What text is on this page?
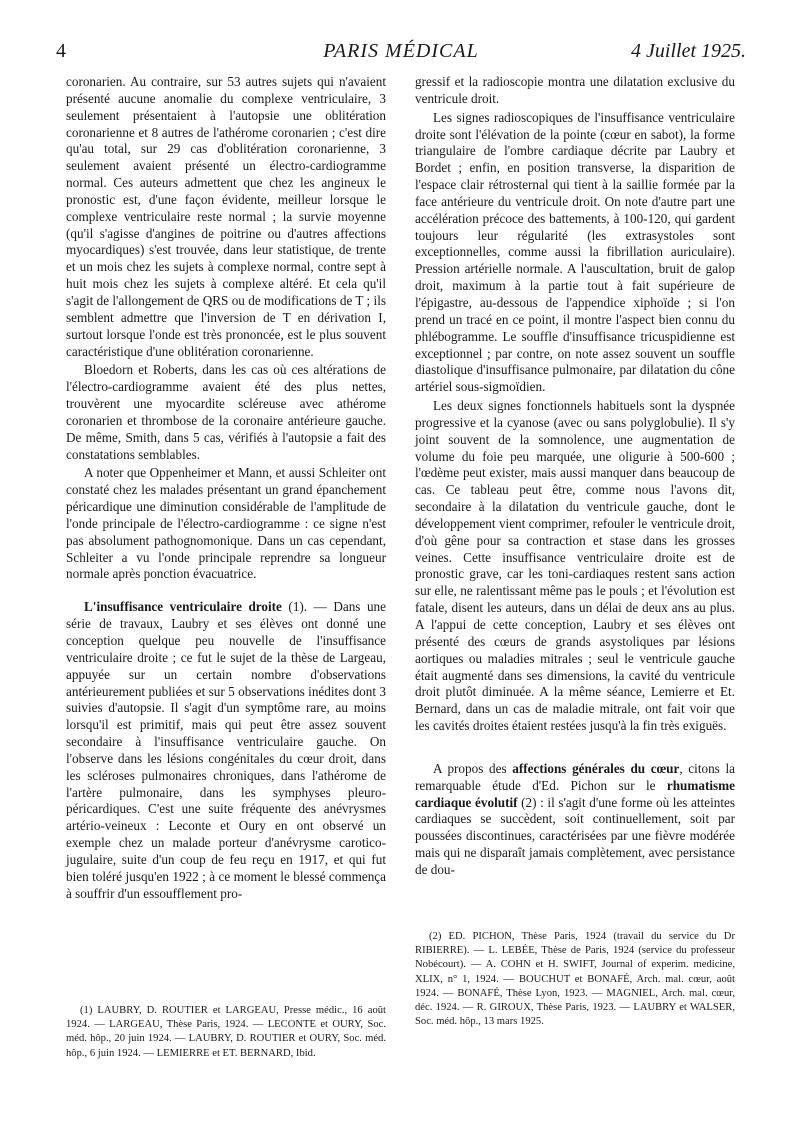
4	PARIS MÉDICAL	4 Juillet 1925.

coronarien. Au contraire, sur 53 autres sujets qui n'avaient présenté aucune anomalie du complexe ventriculaire, 3 seulement présentaient à l'autopsie une oblitération coronarienne et 8 autres de l'athérome coronarien ; c'est dire qu'au total, sur 29 cas d'oblitération coronarienne, 3 seulement avaient présenté un électro-cardiogramme normal. Ces auteurs admettent que chez les angineux le pronostic est, d'une façon évidente, meilleur lorsque le complexe ventriculaire reste normal ; la survie moyenne (qu'il s'agisse d'angines de poitrine ou d'autres affections myocardiques) s'est trouvée, dans leur statistique, de trente et un mois chez les sujets à complexe normal, contre sept à huit mois chez les sujets à complexe altéré. Et cela qu'il s'agit de l'allongement de QRS ou de modifications de T ; ils semblent admettre que l'inversion de T en dérivation I, surtout lorsque l'onde est très prononcée, est le plus souvent caractéristique d'une oblitération coronarienne.

Bloedorn et Roberts, dans les cas où ces altérations de l'électro-cardiogramme avaient été des plus nettes, trouvèrent une myocardite scléreuse avec athérome coronarien et thrombose de la coronaire antérieure gauche. De même, Smith, dans 5 cas, vérifiés à l'autopsie a fait des constatations semblables.

A noter que Oppenheimer et Mann, et aussi Schleiter ont constaté chez les malades présentant un grand épanchement péricardique une diminution considérable de l'amplitude de l'onde principale de l'électro-cardiogramme : ce signe n'est pas absolument pathognomonique. Dans un cas cependant, Schleiter a vu l'onde principale reprendre sa longueur normale après ponction évacuatrice.

L'insuffisance ventriculaire droite (1). — Dans une série de travaux, Laubry et ses élèves ont donné une conception quelque peu nouvelle de l'insuffisance ventriculaire droite ; ce fut le sujet de la thèse de Largeau, appuyée sur un certain nombre d'observations antérieurement publiées et sur 5 observations inédites dont 3 suivies d'autopsie. Il s'agit d'un symptôme rare, au moins lorsqu'il est primitif, mais qui peut être assez souvent secondaire à l'insuffisance ventriculaire gauche. On l'observe dans les lésions congénitales du cœur droit, dans les scléroses pulmonaires chroniques, dans l'athérome de l'artère pulmonaire, dans les symphyses pleuro-péricardiques. C'est une suite fréquente des anévrysmes artério-veineux : Leconte et Oury en ont observé un exemple chez un malade porteur d'anévrysme carotico-jugulaire, suite d'un coup de feu reçu en 1917, et qui fut bien toléré jusqu'en 1922 ; à ce moment le blessé commença à souffrir d'un essoufflement pro-

gressif et la radioscopie montra une dilatation exclusive du ventricule droit.

Les signes radioscopiques de l'insuffisance ventriculaire droite sont l'élévation de la pointe (cœur en sabot), la forme triangulaire de l'ombre cardiaque décrite par Laubry et Bordet ; enfin, en position transverse, la disparition de l'espace clair rétrosternal qui tient à la saillie formée par la face antérieure du ventricule droit. On note d'autre part une accélération précoce des battements, à 100-120, qui gardent toujours leur régularité (les extrasystoles sont exceptionnelles, comme aussi la fibrillation auriculaire). Pression artérielle normale. A l'auscultation, bruit de galop droit, maximum à la partie tout à fait supérieure de l'épigastre, au-dessous de l'appendice xiphoïde ; si l'on prend un tracé en ce point, il montre l'aspect bien connu du phlébogramme. Le souffle d'insuffisance tricuspidienne est exceptionnel ; par contre, on note assez souvent un souffle diastolique d'insuffisance pulmonaire, par dilatation du cône artériel sous-sigmoïdien.

Les deux signes fonctionnels habituels sont la dyspnée progressive et la cyanose (avec ou sans polyglobulie). Il s'y joint souvent de la somnolence, une augmentation de volume du foie peu marquée, une oligurie à 500-600 ; l'œdème peut exister, mais aussi manquer dans beaucoup de cas. Ce tableau peut être, comme nous l'avons dit, secondaire à la dilatation du ventricule gauche, dont le développement vient comprimer, refouler le ventricule droit, d'où gêne pour sa contraction et stase dans les grosses veines. Cette insuffisance ventriculaire droite est de pronostic grave, car les toni-cardiaques restent sans action sur elle, ne ralentissant même pas le pouls ; et l'évolution est fatale, disent les auteurs, dans un délai de deux ans au plus. A l'appui de cette conception, Laubry et ses élèves ont présenté des cœurs de grands asystoliques par lésions aortiques ou maladies mitrales ; seul le ventricule gauche était augmenté dans ses dimensions, la cavité du ventricule droit plutôt diminuée. A la même séance, Lemierre et Et. Bernard, dans un cas de maladie mitrale, ont fait voir que les cavités droites étaient restées jusqu'à la fin très exiguës.

A propos des affections générales du cœur, citons la remarquable étude d'Ed. Pichon sur le rhumatisme cardiaque évolutif (2) : il s'agit d'une forme où les atteintes cardiaques se succèdent, soit continuellement, soit par poussées discontinues, caractérisées par une fièvre modérée mais qui ne disparaît jamais complètement, avec persistance de dou-

(1) LAUBRY, D. ROUTIER et LARGEAU, Presse médic., 16 août 1924. — LARGEAU, Thèse Paris, 1924. — LECONTE et OURY, Soc. méd. hôp., 20 juin 1924. — LAUBRY, D. ROUTIER et OURY, Soc. méd. hôp., 6 juin 1924. — LEMIERRE et ET. BERNARD, Ibid.

(2) ED. PICHON, Thèse Paris, 1924 (travail du service du Dr RIBIERRE). — L. LEBÉE, Thèse de Paris, 1924 (service du professeur Nobécourt). — A. COHN et H. SWIFT, Journal of experim. medicine, XLIX, n° 1, 1924. — BOUCHUT et BONAFÉ, Arch. mal. cœur, août 1924. — BONAFÉ, Thèse Lyon, 1923. — MAGNIEL, Arch. mal. cœur, déc. 1924. — R. GIROUX, Thèse Paris, 1923. — LAUBRY et WALSER, Soc. méd. hôp., 13 mars 1925.
